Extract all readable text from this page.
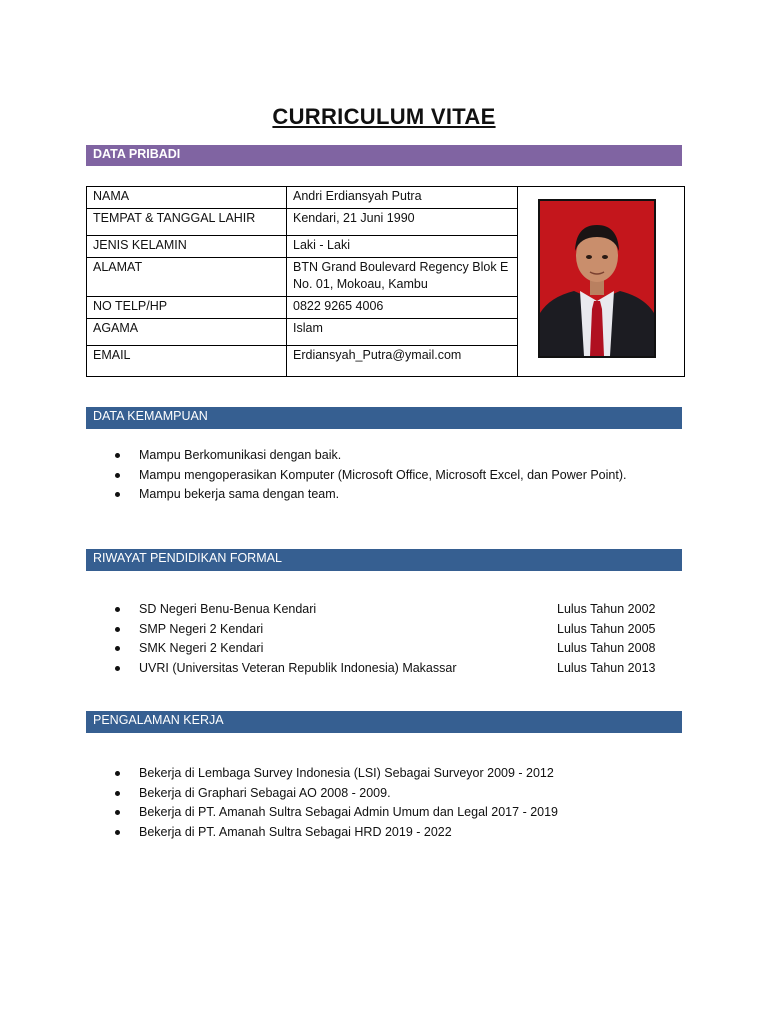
CURRICULUM VITAE
DATA PRIBADI
NAMA	Andri Erdiansyah Putra
TEMPAT & TANGGAL LAHIR	Kendari, 21 Juni 1990
JENIS KELAMIN	Laki - Laki
ALAMAT	BTN Grand Boulevard Regency Blok E No. 01, Mokoau, Kambu
NO TELP/HP	0822 9265 4006
AGAMA	Islam
EMAIL	Erdiansyah_Putra@ymail.com
DATA KEMAMPUAN
Mampu Berkomunikasi dengan baik.
Mampu mengoperasikan Komputer (Microsoft Office, Microsoft Excel, dan Power Point).
Mampu bekerja sama dengan team.
RIWAYAT PENDIDIKAN FORMAL
SD Negeri Benu-Benua Kendari	Lulus Tahun 2002
SMP Negeri 2 Kendari	Lulus Tahun 2005
SMK Negeri 2 Kendari	Lulus Tahun 2008
UVRI (Universitas Veteran Republik Indonesia) Makassar	Lulus Tahun 2013
PENGALAMAN KERJA
Bekerja di Lembaga Survey Indonesia (LSI) Sebagai Surveyor 2009 - 2012
Bekerja di Graphari Sebagai AO 2008 - 2009.
Bekerja di PT. Amanah Sultra Sebagai Admin Umum dan Legal 2017 - 2019
Bekerja di PT. Amanah Sultra Sebagai HRD 2019 - 2022
